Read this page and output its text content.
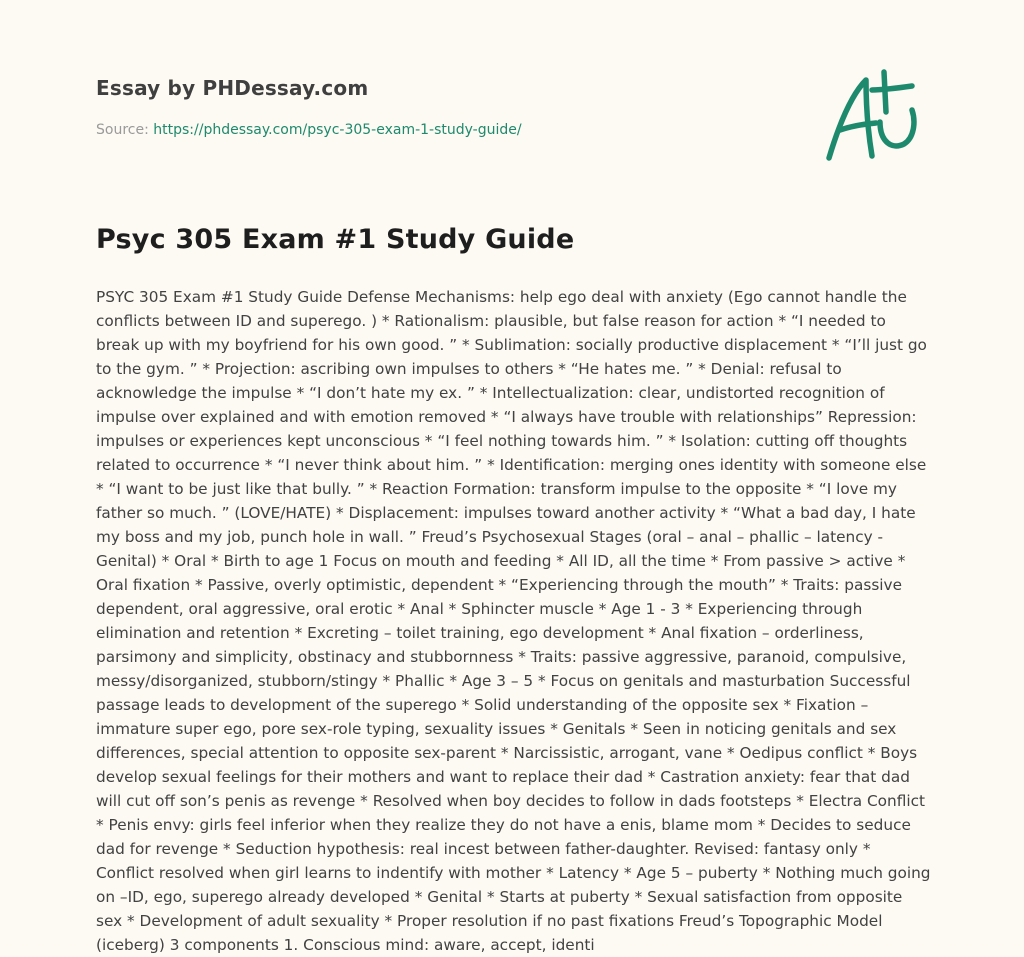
Essay by PHDessay.com
Source: https://phdessay.com/psyc-305-exam-1-study-guide/
Psyc 305 Exam #1 Study Guide

PSYC 305 Exam #1 Study Guide Defense Mechanisms: help ego deal with anxiety (Ego cannot handle the conflicts between ID and superego. ) * Rationalism: plausible, but false reason for action * “I needed to break up with my boyfriend for his own good. ” * Sublimation: socially productive displacement * “I’ll just go to the gym. ” * Projection: ascribing own impulses to others * “He hates me. ” * Denial: refusal to acknowledge the impulse * “I don’t hate my ex. ” * Intellectualization: clear, undistorted recognition of impulse over explained and with emotion removed * “I always have trouble with relationships” Repression: impulses or experiences kept unconscious * “I feel nothing towards him. ” * Isolation: cutting off thoughts related to occurrence * “I never think about him. ” * Identification: merging ones identity with someone else * “I want to be just like that bully. ” * Reaction Formation: transform impulse to the opposite * “I love my father so much. ” (LOVE/HATE) * Displacement: impulses toward another activity * “What a bad day, I hate my boss and my job, punch hole in wall. ” Freud’s Psychosexual Stages (oral – anal – phallic – latency - Genital) * Oral * Birth to age 1 Focus on mouth and feeding * All ID, all the time * From passive > active * Oral fixation * Passive, overly optimistic, dependent * “Experiencing through the mouth” * Traits: passive dependent, oral aggressive, oral erotic * Anal * Sphincter muscle * Age 1 - 3 * Experiencing through elimination and retention * Excreting – toilet training, ego development * Anal fixation – orderliness, parsimony and simplicity, obstinacy and stubbornness * Traits: passive aggressive, paranoid, compulsive, messy/disorganized, stubborn/stingy * Phallic * Age 3 – 5 * Focus on genitals and masturbation Successful passage leads to development of the superego * Solid understanding of the opposite sex * Fixation – immature super ego, pore sex-role typing, sexuality issues * Genitals * Seen in noticing genitals and sex differences, special attention to opposite sex-parent * Narcissistic, arrogant, vane * Oedipus conflict * Boys develop sexual feelings for their mothers and want to replace their dad * Castration anxiety: fear that dad will cut off son’s penis as revenge * Resolved when boy decides to follow in dads footsteps * Electra Conflict * Penis envy: girls feel inferior when they realize they do not have a enis, blame mom * Decides to seduce dad for revenge * Seduction hypothesis: real incest between father-daughter. Revised: fantasy only * Conflict resolved when girl learns to indentify with mother * Latency * Age 5 – puberty * Nothing much going on –ID, ego, superego already developed * Genital * Starts at puberty * Sexual satisfaction from opposite sex * Development of adult sexuality * Proper resolution if no past fixations Freud’s Topographic Model (iceberg) 3 components 1. Conscious mind: aware, accept, identi
